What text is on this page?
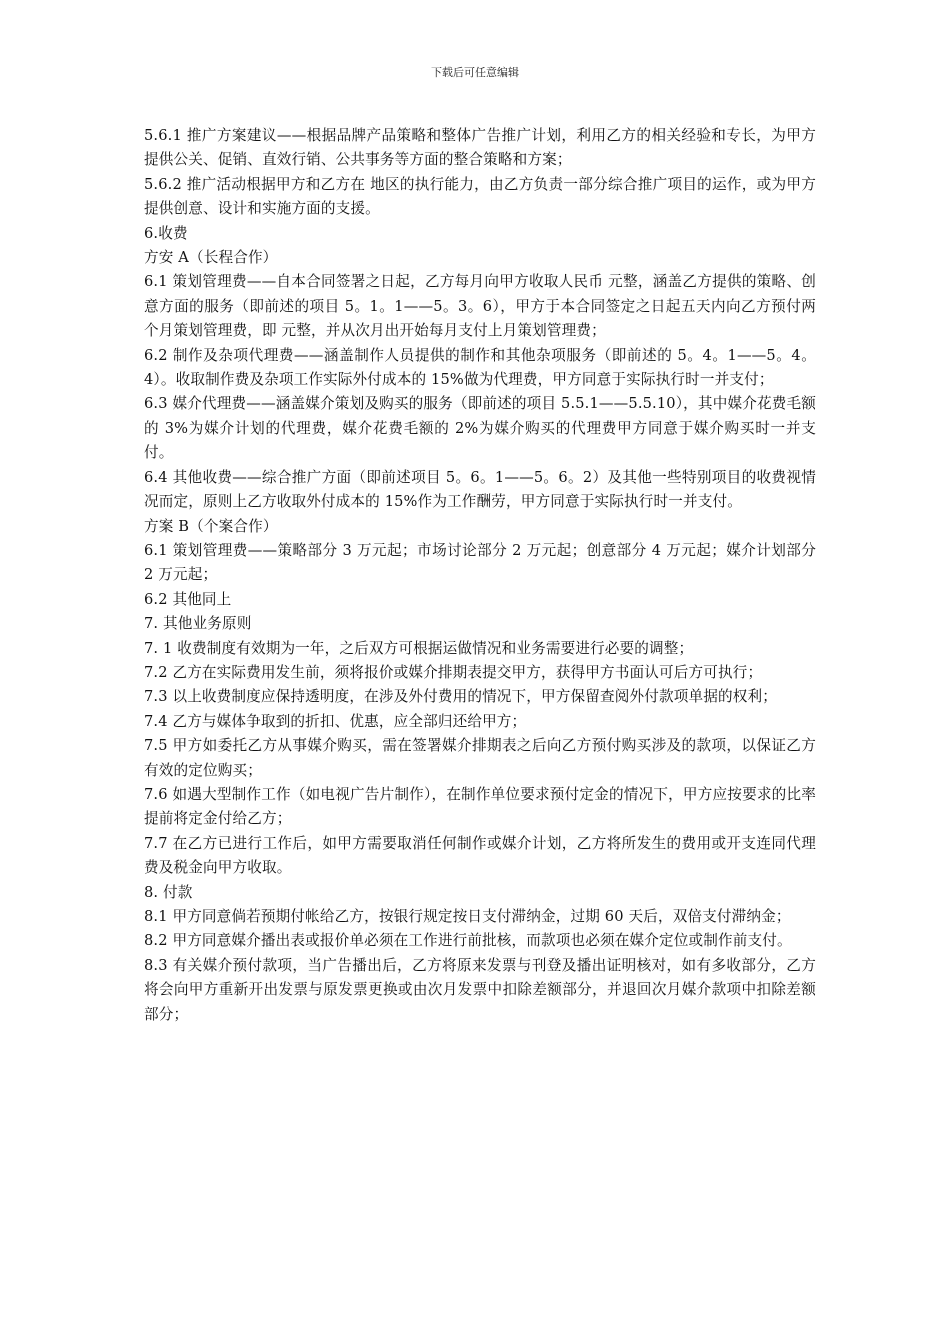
下载后可任意编辑

5.6.1 推广方案建议——根据品牌产品策略和整体广告推广计划，利用乙方的相关经验和专长，为甲方提供公关、促销、直效行销、公共事务等方面的整合策略和方案；

5.6.2 推广活动根据甲方和乙方在 地区的执行能力，由乙方负责一部分综合推广项目的运作，或为甲方提供创意、设计和实施方面的支援。

6.收费

方安 A（长程合作）

6.1 策划管理费——自本合同签署之日起，乙方每月向甲方收取人民币 元整，涵盖乙方提供的策略、创意方面的服务（即前述的项目 5。1。1——5。3。6），甲方于本合同签定之日起五天内向乙方预付两个月策划管理费，即 元整，并从次月出开始每月支付上月策划管理费；

6.2 制作及杂项代理费——涵盖制作人员提供的制作和其他杂项服务（即前述的 5。4。1——5。4。4）。收取制作费及杂项工作实际外付成本的 15%做为代理费，甲方同意于实际执行时一并支付；

6.3 媒介代理费——涵盖媒介策划及购买的服务（即前述的项目 5.5.1——5.5.10），其中媒介花费毛额的 3%为媒介计划的代理费，媒介花费毛额的 2%为媒介购买的代理费甲方同意于媒介购买时一并支付。

6.4 其他收费——综合推广方面（即前述项目 5。6。1——5。6。2）及其他一些特别项目的收费视情况而定，原则上乙方收取外付成本的 15%作为工作酬劳，甲方同意于实际执行时一并支付。

方案 B（个案合作）

6.1 策划管理费——策略部分 3 万元起；市场讨论部分 2 万元起；创意部分 4 万元起；媒介计划部分 2 万元起；

6.2 其他同上

7. 其他业务原则

7. 1 收费制度有效期为一年，之后双方可根据运做情况和业务需要进行必要的调整；

7.2 乙方在实际费用发生前，须将报价或媒介排期表提交甲方，获得甲方书面认可后方可执行；

7.3 以上收费制度应保持透明度，在涉及外付费用的情况下，甲方保留查阅外付款项单据的权利；

7.4 乙方与媒体争取到的折扣、优惠，应全部归还给甲方；

7.5 甲方如委托乙方从事媒介购买，需在签署媒介排期表之后向乙方预付购买涉及的款项，以保证乙方有效的定位购买；

7.6 如遇大型制作工作（如电视广告片制作），在制作单位要求预付定金的情况下，甲方应按要求的比率提前将定金付给乙方；

7.7 在乙方已进行工作后，如甲方需要取消任何制作或媒介计划，乙方将所发生的费用或开支连同代理费及税金向甲方收取。

8. 付款

8.1 甲方同意倘若预期付帐给乙方，按银行规定按日支付滞纳金，过期 60 天后，双倍支付滞纳金；

8.2 甲方同意媒介播出表或报价单必须在工作进行前批核，而款项也必须在媒介定位或制作前支付。

8.3 有关媒介预付款项，当广告播出后，乙方将原来发票与刊登及播出证明核对，如有多收部分，乙方将会向甲方重新开出发票与原发票更换或由次月发票中扣除差额部分，并退回次月媒介款项中扣除差额部分；
